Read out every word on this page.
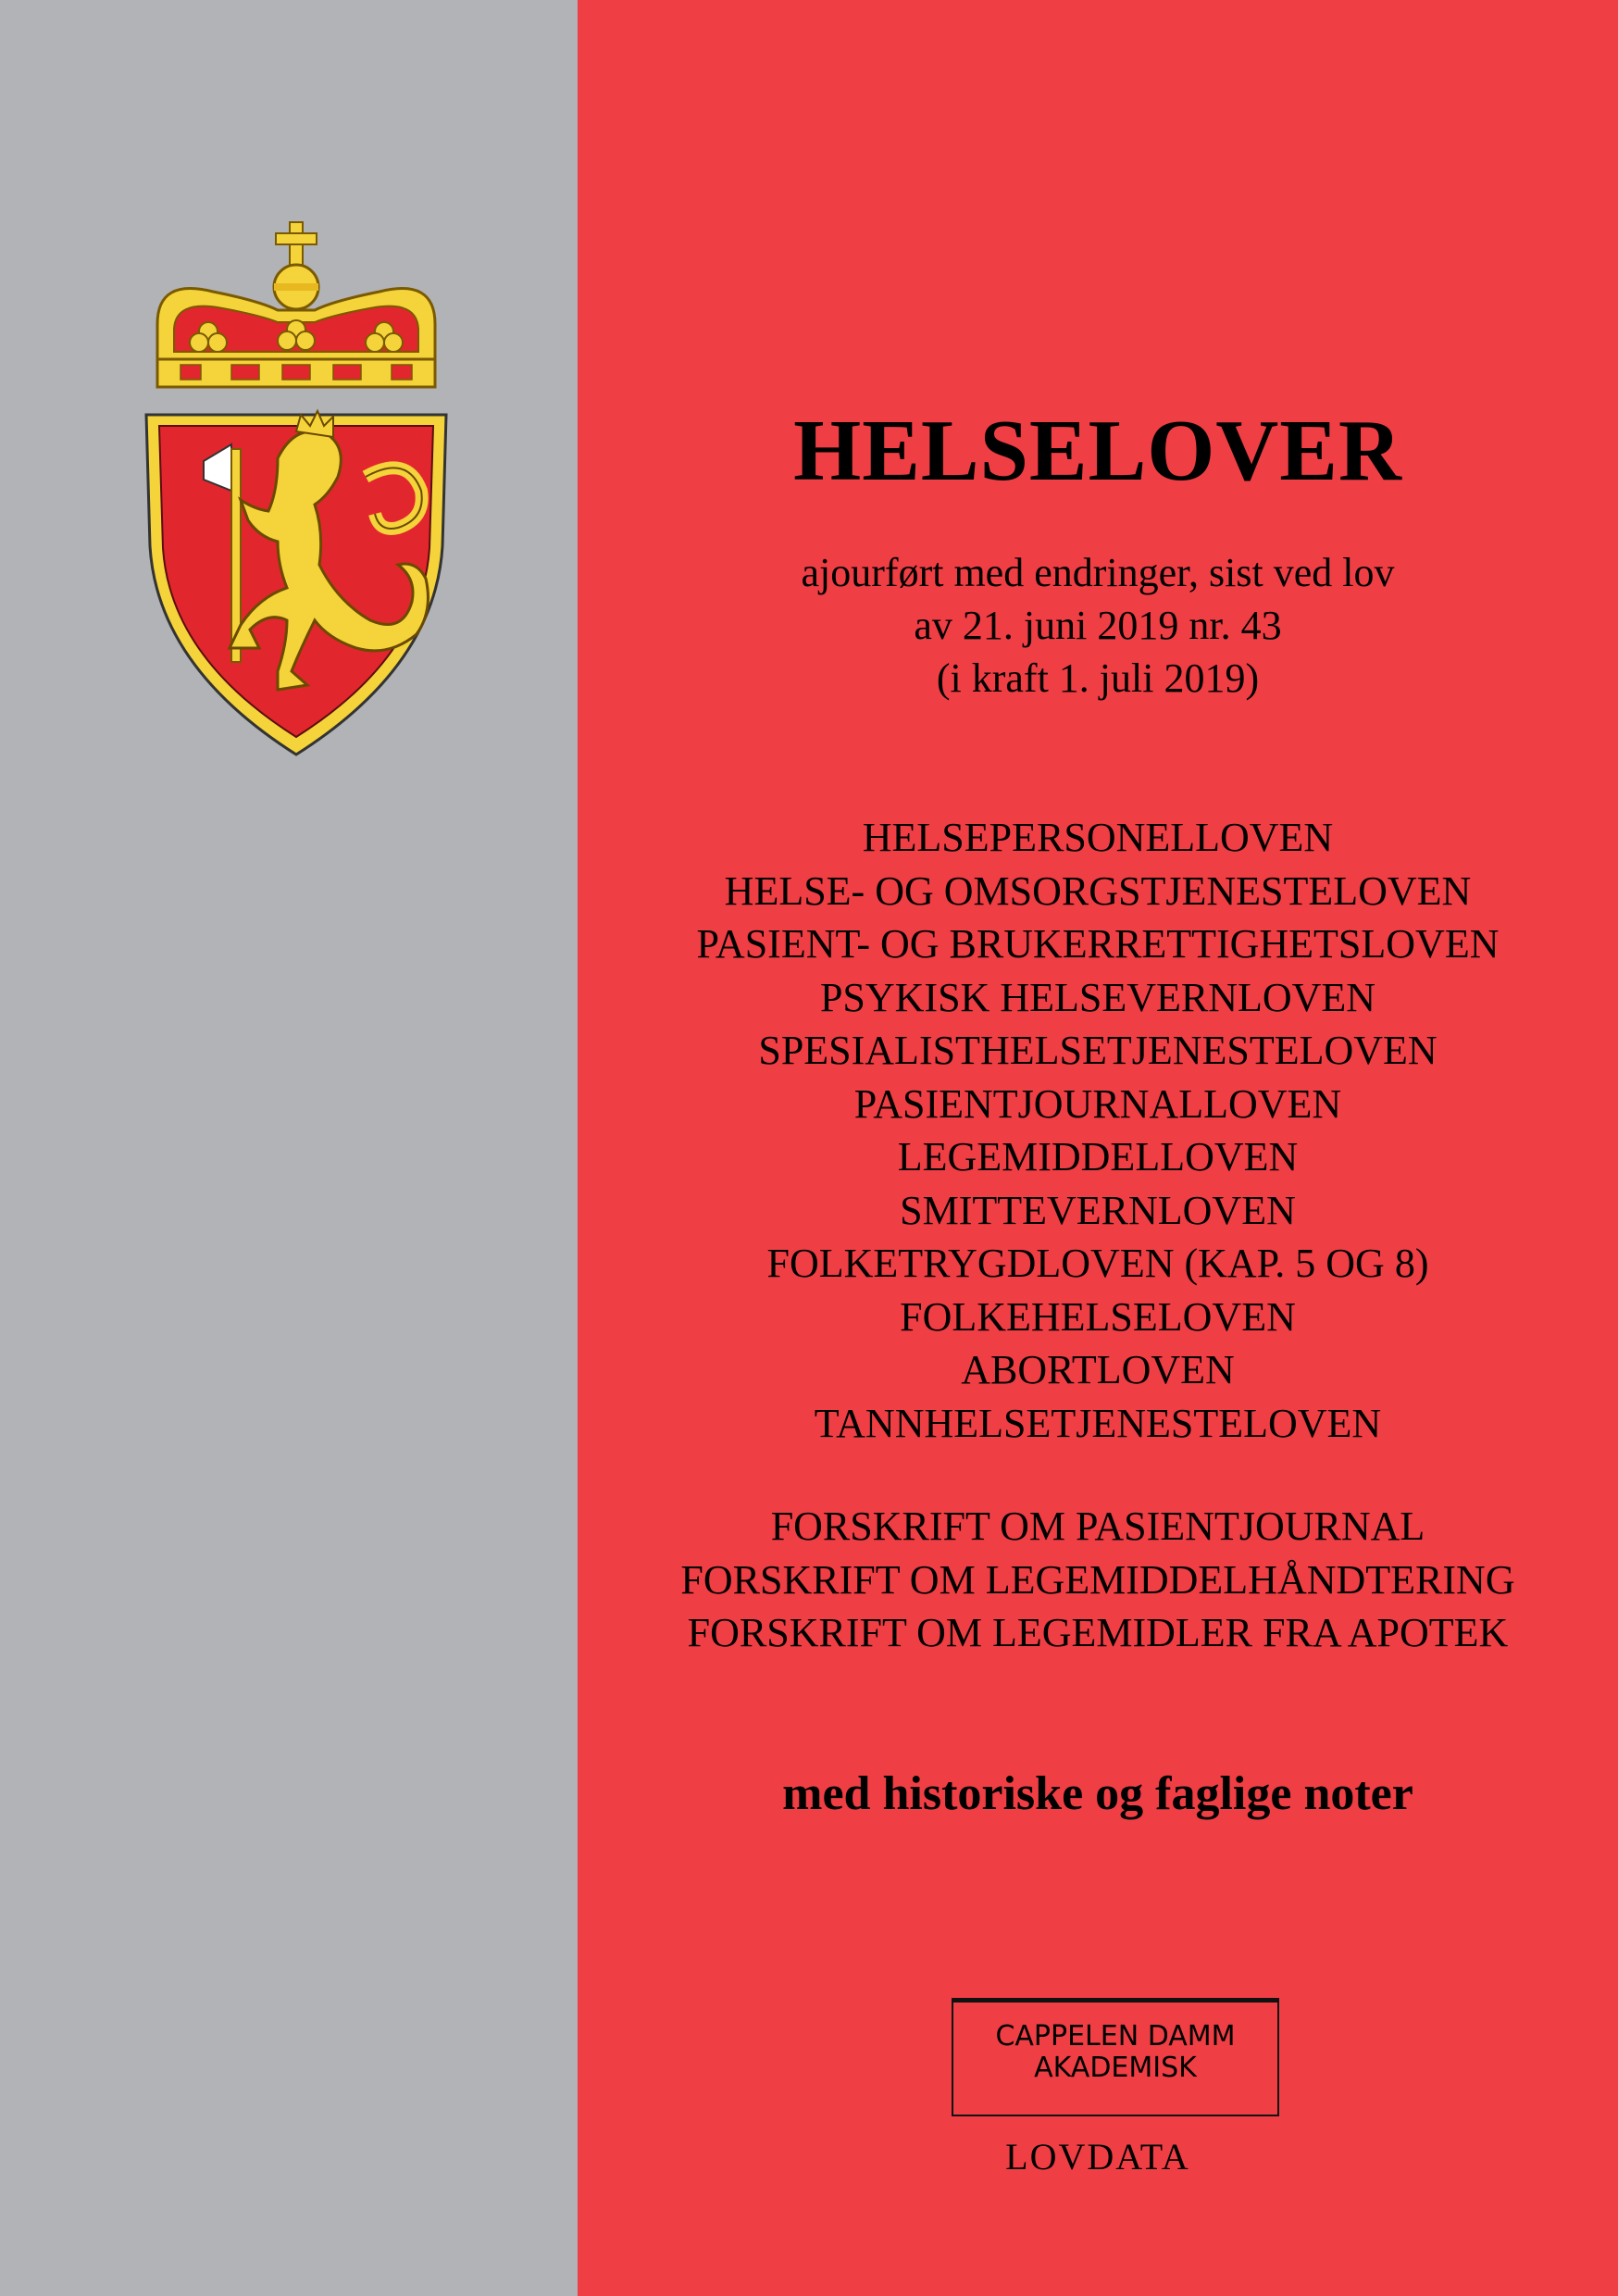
HELSELOVER
ajourført med endringer, sist ved lov
av 21. juni 2019 nr. 43
(i kraft 1. juli 2019)
HELSEPERSONELLOVEN
HELSE- OG OMSORGSTJENESTELOVEN
PASIENT- OG BRUKERRETTIGHETSLOVEN
PSYKISK HELSEVERNLOVEN
SPESIALISTHELSETJENESTELOVEN
PASIENTJOURNALLOVEN
LEGEMIDDELLOVEN
SMITTEVERNLOVEN
FOLKETRYGDLOVEN (KAP. 5 OG 8)
FOLKEHELSELOVEN
ABORTLOVEN
TANNHELSETJENESTELOVEN
FORSKRIFT OM PASIENTJOURNAL
FORSKRIFT OM LEGEMIDDELHÅNDTERING
FORSKRIFT OM LEGEMIDLER FRA APOTEK
med historiske og faglige noter
CAPPELEN DAMM
AKADEMISK
LOVDATA
